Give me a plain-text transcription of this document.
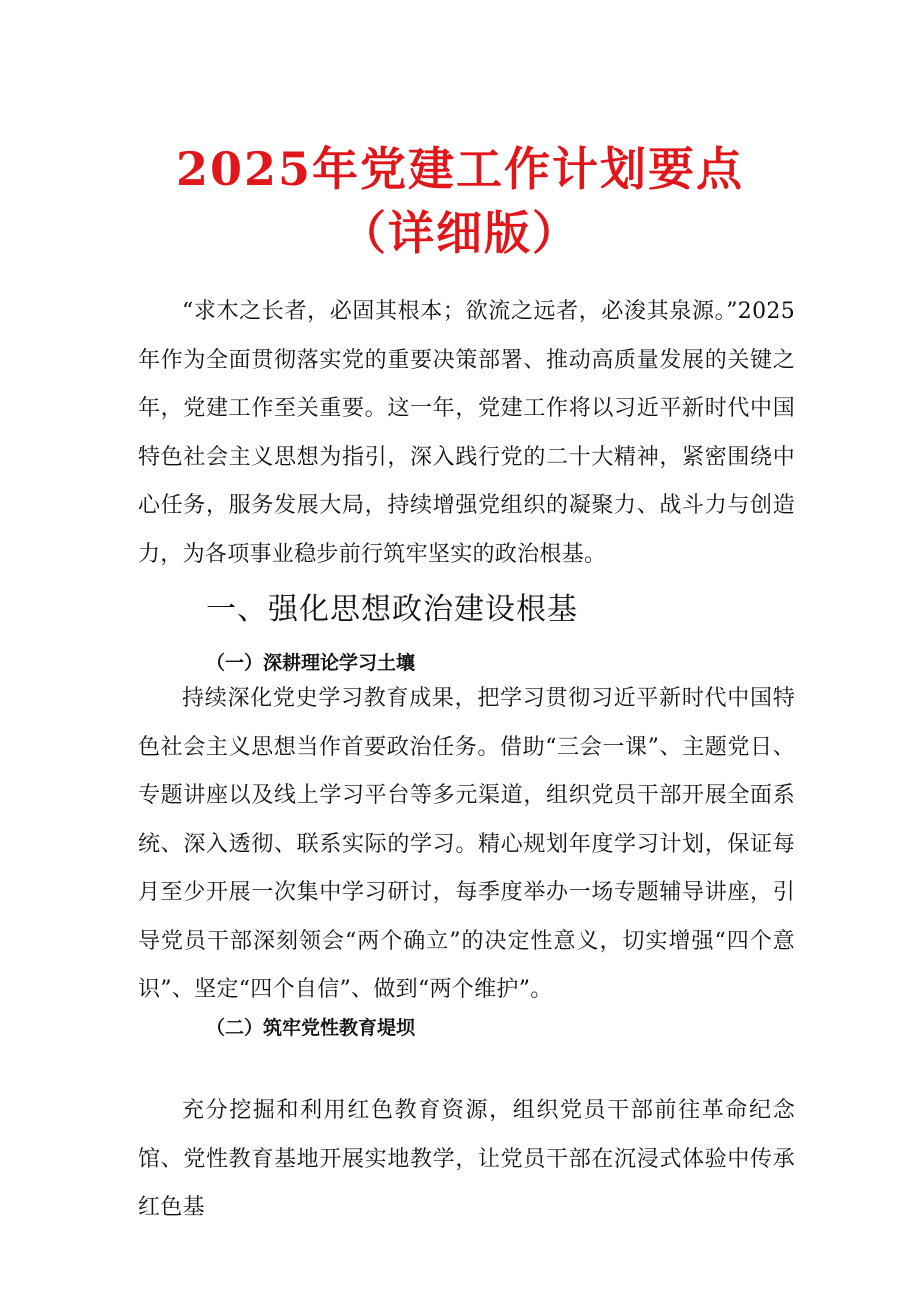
2025年党建工作计划要点
（详细版）
“求木之长者，必固其根本；欲流之远者，必浚其泉源。”2025年作为全面贯彻落实党的重要决策部署、推动高质量发展的关键之年，党建工作至关重要。这一年，党建工作将以习近平新时代中国特色社会主义思想为指引，深入践行党的二十大精神，紧密围绕中心任务，服务发展大局，持续增强党组织的凝聚力、战斗力与创造力，为各项事业稳步前行筑牢坚实的政治根基。
一、强化思想政治建设根基
（一）深耕理论学习土壤
持续深化党史学习教育成果，把学习贯彻习近平新时代中国特色社会主义思想当作首要政治任务。借助“三会一课”、主题党日、专题讲座以及线上学习平台等多元渠道，组织党员干部开展全面系统、深入透彻、联系实际的学习。精心规划年度学习计划，保证每月至少开展一次集中学习研讨，每季度举办一场专题辅导讲座，引导党员干部深刻领会“两个确立”的决定性意义，切实增强“四个意识”、坚定“四个自信”、做到“两个维护”。
（二）筑牢党性教育堤坝
充分挖掘和利用红色教育资源，组织党员干部前往革命纪念馆、党性教育基地开展实地教学，让党员干部在沉浸式体验中传承红色基
